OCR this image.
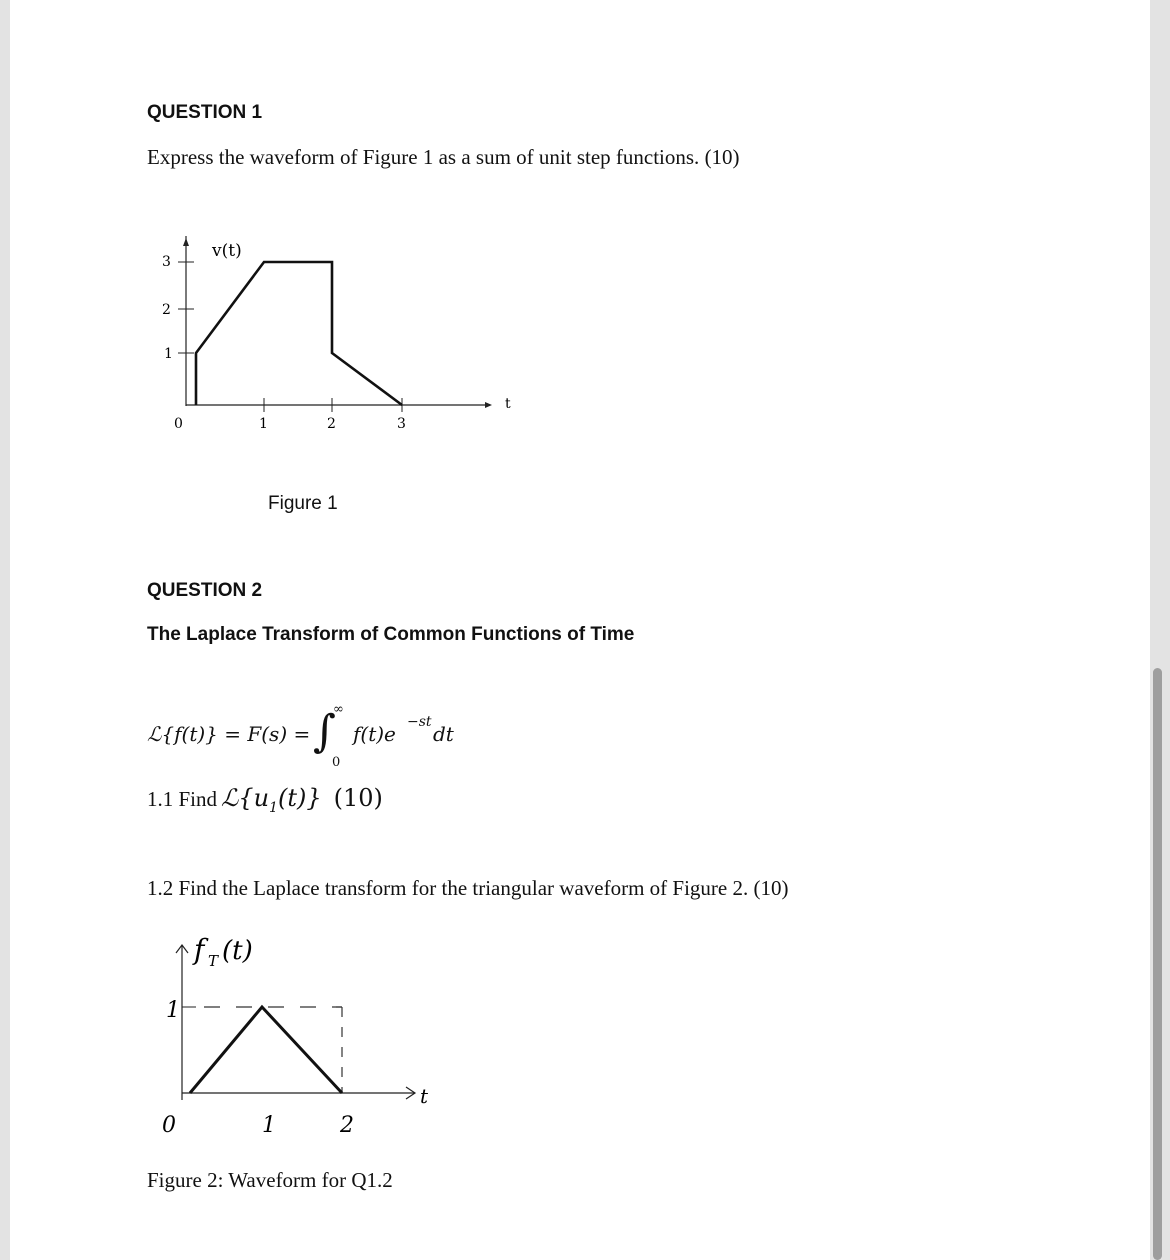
QUESTION 1
Express the waveform of Figure 1 as a sum of unit step functions. (10)
v(t)
t
3
2
1
0	1	2	3
Figure 1
QUESTION 2
The Laplace Transform of Common Functions of Time
ℒ{f(t)} = F(s) = ∫
∞
0
f(t)e −st dt
1.1 Find ℒ{u1(t)} (10)
1.2 Find the Laplace transform for the triangular waveform of Figure 2. (10)
f T (t)
t
1
0	1	2
Figure 2: Waveform for Q1.2
